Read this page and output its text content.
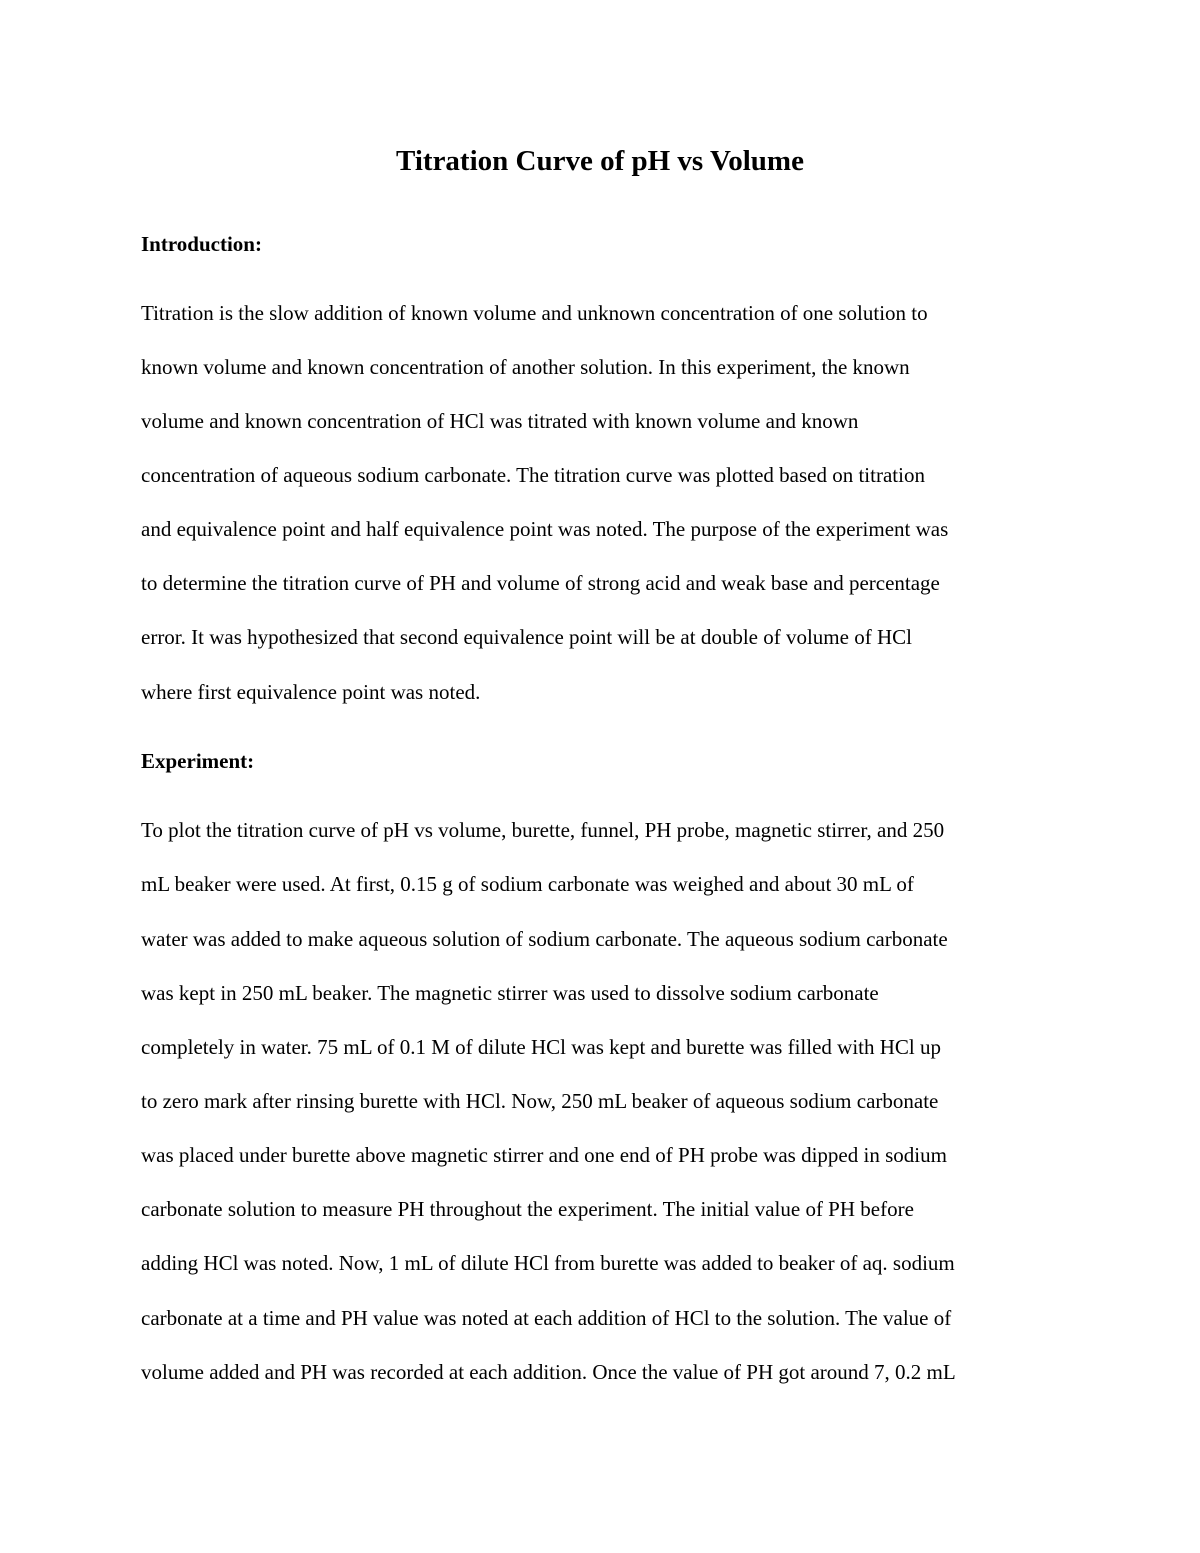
Titration Curve of pH vs Volume
Introduction:
Titration is the slow addition of known volume and unknown concentration of one solution to
known volume and known concentration of another solution. In this experiment, the known
volume and known concentration of HCl was titrated with known volume and known
concentration of aqueous sodium carbonate. The titration curve was plotted based on titration
and equivalence point and half equivalence point was noted. The purpose of the experiment was
to determine the titration curve of PH and volume of strong acid and weak base and percentage
error. It was hypothesized that second equivalence point will be at double of volume of HCl
where first equivalence point was noted.
Experiment:
To plot the titration curve of pH vs volume, burette, funnel, PH probe, magnetic stirrer, and 250
mL beaker were used. At first, 0.15 g of sodium carbonate was weighed and about 30 mL of
water was added to make aqueous solution of sodium carbonate. The aqueous sodium carbonate
was kept in 250 mL beaker. The magnetic stirrer was used to dissolve sodium carbonate
completely in water. 75 mL of 0.1 M of dilute HCl was kept and burette was filled with HCl up
to zero mark after rinsing burette with HCl. Now, 250 mL beaker of aqueous sodium carbonate
was placed under burette above magnetic stirrer and one end of PH probe was dipped in sodium
carbonate solution to measure PH throughout the experiment. The initial value of PH before
adding HCl was noted. Now, 1 mL of dilute HCl from burette was added to beaker of aq. sodium
carbonate at a time and PH value was noted at each addition of HCl to the solution. The value of
volume added and PH was recorded at each addition. Once the value of PH got around 7, 0.2 mL
